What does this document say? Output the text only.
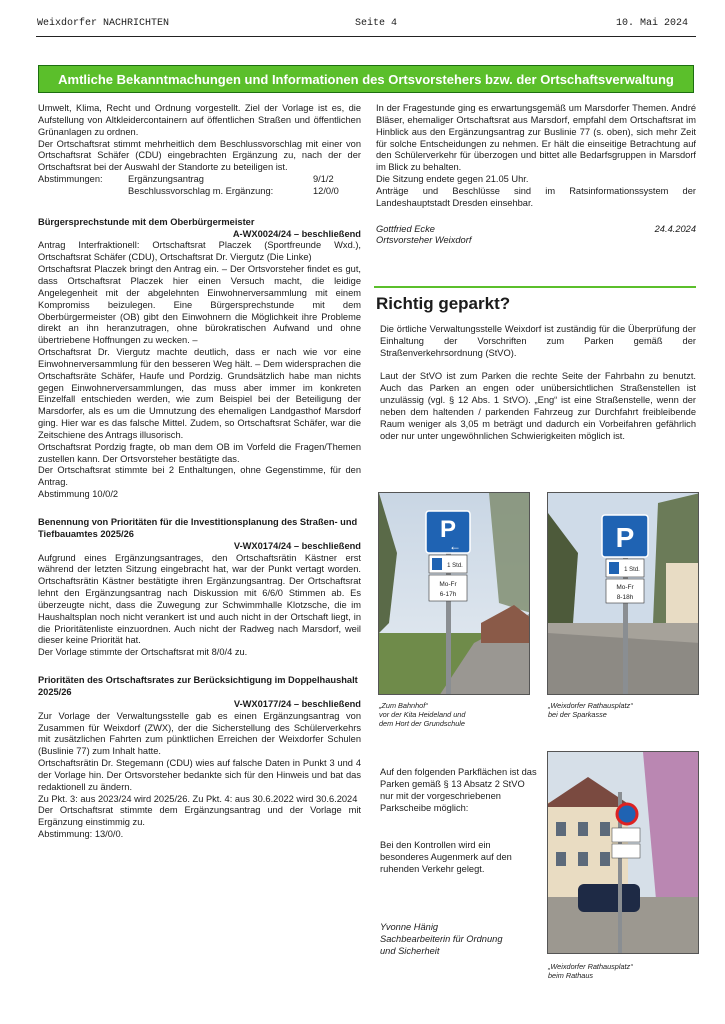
Weixdorfer NACHRICHTEN	Seite 4	10. Mai 2024
Amtliche Bekanntmachungen und Informationen des Ortsvorstehers bzw. der Ortschaftsverwaltung

Umwelt, Klima, Recht und Ordnung vorgestellt. Ziel der Vorlage ist es, die Aufstellung von Altkleidercontainern auf öffentlichen Straßen und öffentlichen Grünanlagen zu ordnen.

Der Ortschaftsrat stimmt mehrheitlich dem Beschlussvorschlag mit einer von Ortschaftsrat Schäfer (CDU) eingebrachten Ergänzung zu, nach der der Ortschaftsrat bei der Auswahl der Standorte zu beteiligen ist.

Abstimmungen:	Ergänzungsantrag	9/1/2
Beschlussvorschlag m. Ergänzung:	12/0/0

Bürgersprechstunde mit dem Oberbürgermeister

A-WX0024/24 – beschließend

Antrag Interfraktionell: Ortschaftsrat Placzek (Sportfreunde Wxd.), Ortschaftsrat Schäfer (CDU), Ortschaftsrat Dr. Viergutz (Die Linke)

Ortschaftsrat Placzek bringt den Antrag ein. – Der Ortsvorsteher findet es gut, dass Ortschaftsrat Placzek hier einen Versuch macht, die leidige Angelegenheit mit der abgelehnten Einwohnerversammlung mit einem Kompromiss beizulegen. Eine Bürgersprechstunde mit dem Oberbürgermeister (OB) gibt den Einwohnern die Möglichkeit ihre Probleme direkt an ihn heranzutragen, ohne bürokratischen Aufwand und ohne übertriebene Hoffnungen zu wecken. –

Ortschaftsrat Dr. Viergutz machte deutlich, dass er nach wie vor eine Einwohnerversammlung für den besseren Weg hält. – Dem widersprachen die Ortschaftsräte Schäfer, Haufe und Pordzig. Grundsätzlich habe man nichts gegen Einwohnerversammlungen, das muss aber immer im konkreten Einzelfall entschieden werden, wie zum Beispiel bei der Beteiligung der Marsdorfer, als es um die Umnutzung des ehemaligen Landgasthof Marsdorf ging. Hier war es das falsche Mittel. Zudem, so Ortschaftsrat Schäfer, war die Zeitschiene des Antrags illusorisch.

Ortschaftsrat Pordzig fragte, ob man dem OB im Vorfeld die Fragen/Themen zustellen kann. Der Ortsvorsteher bestätigte das.

Der Ortschaftsrat stimmte bei 2 Enthaltungen, ohne Gegenstimme, für den Antrag.

Abstimmung 10/0/2

Benennung von Prioritäten für die Investitionsplanung des Straßen- und Tiefbauamtes 2025/26

V-WX0174/24 – beschließend

Aufgrund eines Ergänzungsantrages, den Ortschaftsrätin Kästner erst während der letzten Sitzung eingebracht hat, war der Punkt vertagt worden. Ortschaftsrätin Kästner bestätigte ihren Ergänzungsantrag. Der Ortschaftsrat lehnt den Ergänzungsantrag nach Diskussion mit 6/6/0 Stimmen ab. Es überzeugte nicht, dass die Zuwegung zur Schwimmhalle Klotzsche, die im Haushaltsplan noch nicht verankert ist und auch nicht in der Ortschaft liegt, in die Prioritätenliste einzuordnen. Auch nicht der Radweg nach Marsdorf, weil dieser keine Priorität hat.

Der Vorlage stimmte der Ortschaftsrat mit 8/0/4 zu.

Prioritäten des Ortschaftsrates zur Berücksichtigung im Doppelhaushalt 2025/26

V-WX0177/24 – beschließend

Zur Vorlage der Verwaltungsstelle gab es einen Ergänzungsantrag von Zusammen für Weixdorf (ZWX), der die Sicherstellung des Schülerverkehrs mit zusätzlichen Fahrten zum pünktlichen Erreichen der Weixdorfer Schulen (Buslinie 77) zum Inhalt hatte.

Ortschaftsrätin Dr. Stegemann (CDU) wies auf falsche Daten in Punkt 3 und 4 der Vorlage hin. Der Ortsvorsteher bedankte sich für den Hinweis und bat das redaktionell zu ändern.

Zu Pkt. 3: aus 2023/24 wird 2025/26. Zu Pkt. 4: aus 30.6.2022 wird 30.6.2024

Der Ortschaftsrat stimmte dem Ergänzungsantrag und der Vorlage mit Ergänzung einstimmig zu.

Abstimmung: 13/0/0.

In der Fragestunde ging es erwartungsgemäß um Marsdorfer Themen. André Bläser, ehemaliger Ortschaftsrat aus Marsdorf, empfahl dem Ortschaftsrat im Hinblick aus den Ergänzungsantrag zur Buslinie 77 (s. oben), sich mehr Zeit für solche Entscheidungen zu nehmen. Er hält die einseitige Betrachtung auf den Schülerverkehr für überzogen und bittet alle Bedarfsgruppen in Marsdorf im Blick zu behalten.

Die Sitzung endete gegen 21.05 Uhr.

Anträge und Beschlüsse sind im Ratsinformationssystem der Landeshauptstadt Dresden einsehbar.

Gottfried Ecke	24.4.2024

Ortsvorsteher Weixdorf

Richtig geparkt?

Die örtliche Verwaltungsstelle Weixdorf ist zuständig für die Überprüfung der Einhaltung der Vorschriften zum Parken gemäß der Straßenverkehrsordnung (StVO).

Laut der StVO ist zum Parken die rechte Seite der Fahrbahn zu benutzt. Auch das Parken an engen oder unübersichtlichen Straßenstellen ist unzulässig (vgl. § 12 Abs. 1 StVO). „Eng“ ist eine Straßenstelle, wenn der neben dem haltenden / parkenden Fahrzeug zur Durchfahrt freibleibende Raum weniger als 3,05 m beträgt und dadurch ein Vorbeifahren gefährlich oder nur unter ungewöhnlichen Schwierigkeiten möglich ist.

P
←
1 Std.
Mo-Fr
6-17h
„Zum Bahnhof“
vor der Kita Heideland und
dem Hort der Grundschule
P
1 Std.
Mo-Fr
8-18h
„Weixdorfer Rathausplatz“
bei der Sparkasse

Auf den folgenden Parkflächen ist das Parken gemäß § 13 Absatz 2 StVO nur mit der vorgeschriebenen Parkscheibe möglich:

Bei den Kontrollen wird ein besonderes Augenmerk auf den ruhenden Verkehr gelegt.

Yvonne Hänig

Sachbearbeiterin für Ordnung

und Sicherheit

„Weixdorfer Rathausplatz“
beim Rathaus
